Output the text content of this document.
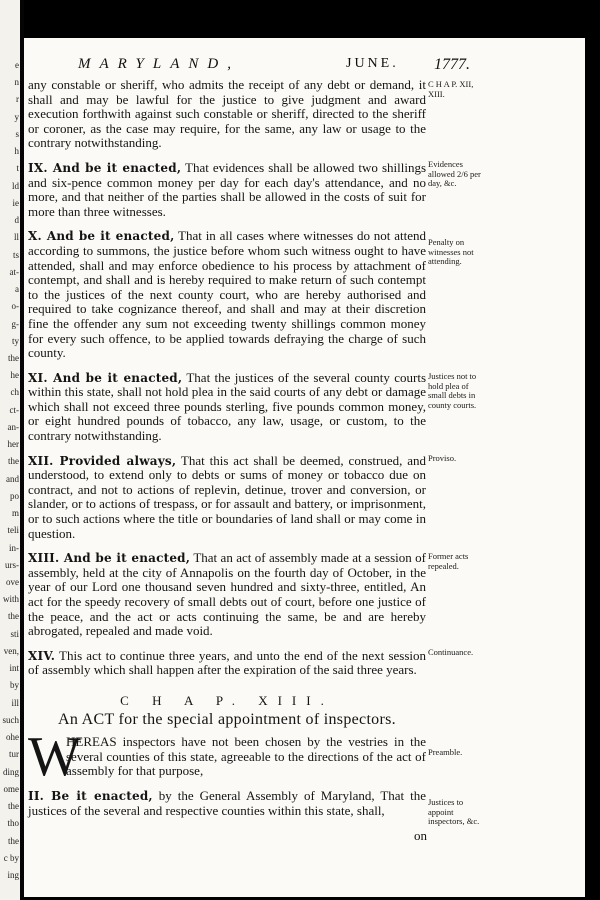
e
n
r
y
s
h
t
ld
ie
d
ll
ts
at-
a
o-
g-
ty
the
he
ch
ct-
an-
her
the
and
po
m
teli
in-
urs-
ove
with
the
sti
ven,
int
by
ill
such
ohe
tur
ding
ome
the
tho
the
c by
ing
MARYLAND,	JUNE. 1777.

any constable or sheriff, who admits the receipt of any debt or demand, it shall and may be lawful for the justice to give judgment and award execution forthwith against such constable or sheriff, directed to the sheriff or coroner, as the case may require, for the same, any law or usage to the contrary notwithstanding.

IX. And be it enacted, That evidences shall be allowed two shillings and six-pence common money per day for each day's attendance, and no more, and that neither of the parties shall be allowed in the costs of suit for more than three witnesses.

X. And be it enacted, That in all cases where witnesses do not attend according to summons, the justice before whom such witness ought to have attended, shall and may enforce obedience to his process by attachment of contempt, and shall and is hereby required to make return of such contempt to the justices of the next county court, who are hereby authorised and required to take cognizance thereof, and shall and may at their discretion fine the offender any sum not exceeding twenty shillings common money for every such offence, to be applied towards defraying the charge of such county.

XI. And be it enacted, That the justices of the several county courts within this state, shall not hold plea in the said courts of any debt or damage which shall not exceed three pounds sterling, five pounds common money, or eight hundred pounds of tobacco, any law, usage, or custom, to the contrary notwithstanding.

XII. Provided always, That this act shall be deemed, construed, and understood, to extend only to debts or sums of money or tobacco due on contract, and not to actions of replevin, detinue, trover and conversion, or slander, or to actions of trespass, or for assault and battery, or imprisonment, or to such actions where the title or boundaries of land shall or may come in question.

XIII. And be it enacted, That an act of assembly made at a session of assembly, held at the city of Annapolis on the fourth day of October, in the year of our Lord one thousand seven hundred and sixty-three, entitled, An act for the speedy recovery of small debts out of court, before one justice of the peace, and the act or acts continuing the same, be and are hereby abrogated, repealed and made void.

XIV. This act to continue three years, and unto the end of the next session of assembly which shall happen after the expiration of the said three years.

C H A P. XIII.
An ACT for the special appointment of inspectors.

W
HEREAS inspectors have not been chosen by the vestries in the several counties of this state, agreeable to the directions of the act of assembly for that purpose,

II. Be it enacted, by the General Assembly of Maryland, That the justices of the several and respective counties within this state, shall,

C H A P. XII, XIII.
Evidences allowed 2/6 per day, &c.
Penalty on witnesses not attending.
Justices not to hold plea of small debts in county courts.
Proviso.
Former acts repealed.
Continuance.
Preamble.
Justices to appoint inspectors, &c.
on
